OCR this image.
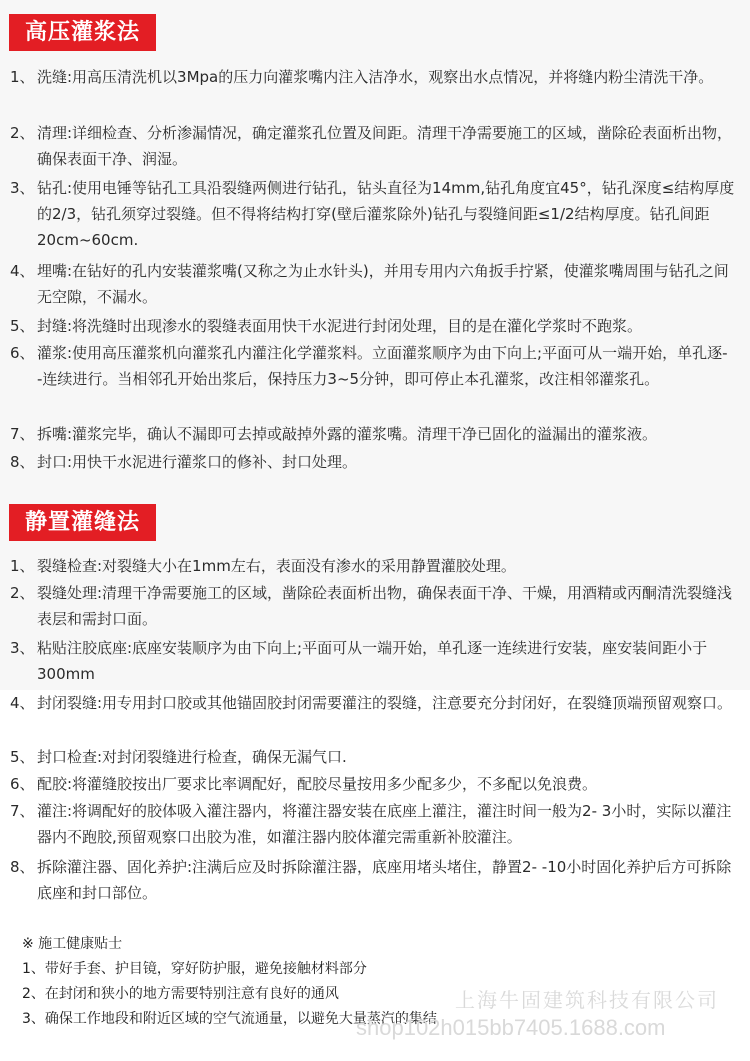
高压灌浆法
1、 洗缝:用高压清洗机以3Mpa的压力向灌浆嘴内注入洁净水，观察出水点情况，并将缝内粉尘清洗干净。
2、 清理:详细检查、分析渗漏情况，确定灌浆孔位置及间距。清理干净需要施工的区域，凿除砼表面析出物，确保表面干净、润湿。
3、 钻孔:使用电锤等钻孔工具沿裂缝两侧进行钻孔，钻头直径为14mm,钻孔角度宜45°，钻孔深度≤结构厚度的2/3，钻孔须穿过裂缝。但不得将结构打穿(壁后灌浆除外)钻孔与裂缝间距≤1/2结构厚度。钻孔间距20cm~60cm.
4、 埋嘴:在钻好的孔内安装灌浆嘴(又称之为止水针头)，并用专用内六角扳手拧紧，使灌浆嘴周围与钻孔之间无空隙，不漏水。
5、 封缝:将洗缝时出现渗水的裂缝表面用快干水泥进行封闭处理，目的是在灌化学浆时不跑浆。
6、 灌浆:使用高压灌浆机向灌浆孔内灌注化学灌浆料。立面灌浆顺序为由下向上;平面可从一端开始，单孔逐- -连续进行。当相邻孔开始出浆后，保持压力3~5分钟，即可停止本孔灌浆，改注相邻灌浆孔。
7、 拆嘴:灌浆完毕，确认不漏即可去掉或敲掉外露的灌浆嘴。清理干净已固化的溢漏出的灌浆液。
8、 封口:用快干水泥进行灌浆口的修补、封口处理。
静置灌缝法
1、 裂缝检查:对裂缝大小在1mm左右，表面没有渗水的采用静置灌胶处理。
2、 裂缝处理:清理干净需要施工的区域，凿除砼表面析出物，确保表面干净、干燥，用酒精或丙酮清洗裂缝浅表层和需封口面。
3、 粘贴注胶底座:底座安装顺序为由下向上;平面可从一端开始，单孔逐一连续进行安装，座安装间距小于300mm
4、 封闭裂缝:用专用封口胶或其他锚固胶封闭需要灌注的裂缝，注意要充分封闭好，在裂缝顶端预留观察口。
5、 封口检查:对封闭裂缝进行检查，确保无漏气口.
6、 配胶:将灌缝胶按出厂要求比率调配好，配胶尽量按用多少配多少，不多配以免浪费。
7、 灌注:将调配好的胶体吸入灌注器内，将灌注器安装在底座上灌注，灌注时间一般为2- 3小时，实际以灌注器内不跑胶,预留观察口出胶为准，如灌注器内胶体灌完需重新补胶灌注。
8、 拆除灌注器、固化养护:注满后应及时拆除灌注器，底座用堵头堵住，静置2- -10小时固化养护后方可拆除底座和封口部位。
※ 施工健康贴士
1、带好手套、护目镜，穿好防护服，避免接触材料部分
2、在封闭和狭小的地方需要特别注意有良好的通风
3、确保工作地段和附近区域的空气流通量，以避免大量蒸汽的集结
上海牛固建筑科技有限公司
shop102h015bb7405.1688.com
